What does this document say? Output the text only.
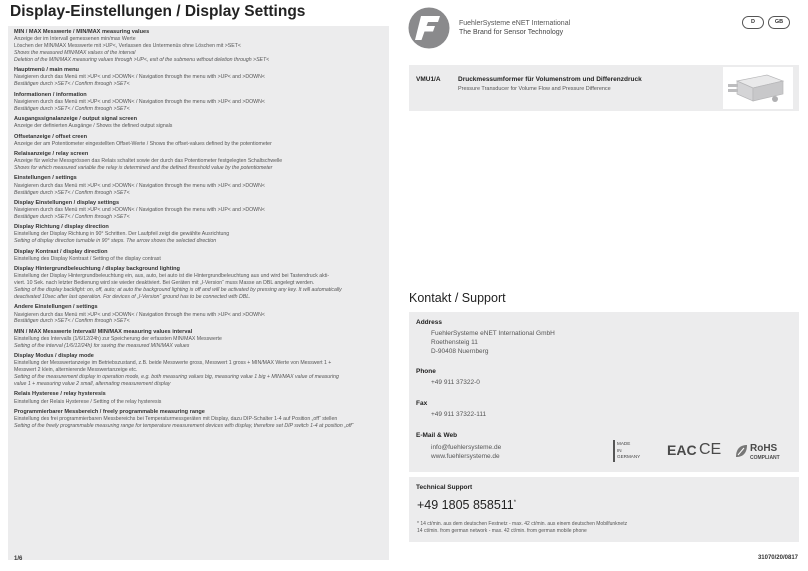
Display-Einstellungen / Display Settings
MIN / MAX Messwerte / MIN/MAX measuring values
Anzeige der im Intervall gemessenen min/max Werte
Löschen der MIN/MAX Messwerte mit >UP<, Verlassen des Untermenüs ohne Löschen mit >SET<
Shows the measured MIN/MAX values of the interval
Deletion of the MIN/MAX measuring values through >UP<, exit of the submenu without deletion through >SET<
Hauptmenü / main menu
Navigieren durch das Menü mit >UP< und >DOWN< / Navigation through the menu with >UP< and >DOWN<
Bestätigen durch >SET< / Confirm through >SET<
Informationen / information
Navigieren durch das Menü mit >UP< und >DOWN< / Navigation through the menu with >UP< and >DOWN<
Bestätigen durch >SET< / Confirm through >SET<
Ausgangssignalanzeige / output signal screen
Anzeige der definierten Ausgänge / Shows the defined output signals
Offsetanzeige / offset creen
Anzeige der am Potentiometer eingestellten Offset-Werte / Shows the offset-values defined by the potentiometer
Relaisanzeige / relay screen
Anzeige für welche Messgrössen das Relais schaltet sowie der durch das Potentiometer festgelegten Schaltschwelle
Shows for which measured variable the relay is determined and the defined threshold value by the potentiometer
Einstellungen / settings
Navigieren durch das Menü mit >UP< und >DOWN< / Navigation through the menu with >UP< and >DOWN<
Bestätigen durch >SET< / Confirm through >SET<
Display Einstellungen / display settings
Navigieren durch das Menü mit >UP< und >DOWN< / Navigation through the menu with >UP< and >DOWN<
Bestätigen durch >SET< / Confirm through >SET<
Display Richtung / display direction
Einstellung der Display Richtung in 90° Schritten. Der Laufpfeil zeigt die gewählte Ausrichtung
Setting of display direction turnable in 90° steps. The arrow shows the selected direction
Display Kontrast / display direction
Einstellung des Display Kontrast / Setting of the display contrast
Display Hintergrundbeleuchtung / display background lighting
Einstellung der Display Hintergrundbeleuchtung ein, aus, auto, bei auto ist die Hintergrundbeleuchtung aus und wird bei Tastendruck akti-
viert. 10 Sek. nach letzter Bedienung wird sie wieder deaktiviert. Bei Geräten mit „I-Version“ muss Masse an DBL angelegt werden.
Setting of the display backlight: on, off, auto; at auto the background lighting is off and will be activated by pressing any key. It will automatically
deactivated 10sec after last operation. For devices of „I-Version“ ground has to be connected with DBL.
Andere Einstellungen / settings
Navigieren durch das Menü mit >UP< und >DOWN< / Navigation through the menu with >UP< and >DOWN<
Bestätigen durch >SET< / Confirm through >SET<
MIN / MAX Messwerte Intervall/ MIN/MAX measuring values interval
Einstellung des Intervalls (1/6/12/24h) zur Speicherung der erfassten MIN/MAX Messwerte
Setting of the interval (1/6/12/24h) for saving the measured MIN/MAX values
Display Modus / display mode
Einstellung der Messwertanzeige im Betriebszustand, z.B. beide Messwerte gross, Messwert 1 gross + MIN/MAX Werte von Messwert 1 +
Messwert 2 klein, alternierende Messwertanzeige etc.
Setting of the measurement display in operation mode, e.g. both measuring values big, measuring value 1 big + MIN/MAX value of measuring
value 1 + measuring value 2 small, alternating measurement display
Relais Hysterese / relay hysteresis
Einstellung der Relais Hysterese / Setting of the relay hysteresis
Programmierbarer Messbereich / freely programmable measuring range
Einstellung des frei programmierbaren Messbereichs bei Temperaturmessgeräten mit Display, dazu DIP-Schalter 1-4 auf Position „off“ stellen
Setting of the freely programmable measuring range for temperature measurement devices with display, therefore set DIP switch 1-4 at position „off“
1/6	31070/20/0817
FuehlerSysteme eNET International
The Brand for Sensor Technology
D	GB
VMU1/A	Druckmessumformer für Volumenstrom und Differenzdruck
Pressure Transducer for Volume Flow and Pressure Difference
Kontakt / Support
Address
FuehlerSysteme eNET International GmbH
Roethensteig 11
D-90408 Nuernberg
Phone
+49 911 37322-0
Fax
+49 911 37322-111
E-Mail & Web
info@fuehlersysteme.de
www.fuehlersysteme.de
MADE
IN
GERMANY EAC CE	RoHS
COMPLIANT
Technical Support
+49 1805 858511*
* 14 ct/min. aus dem deutschen Festnetz - max. 42 ct/min. aus einem deutschen Mobilfunknetz
14 ct/min. from german network - max. 42 ct/min. from german mobile phone
